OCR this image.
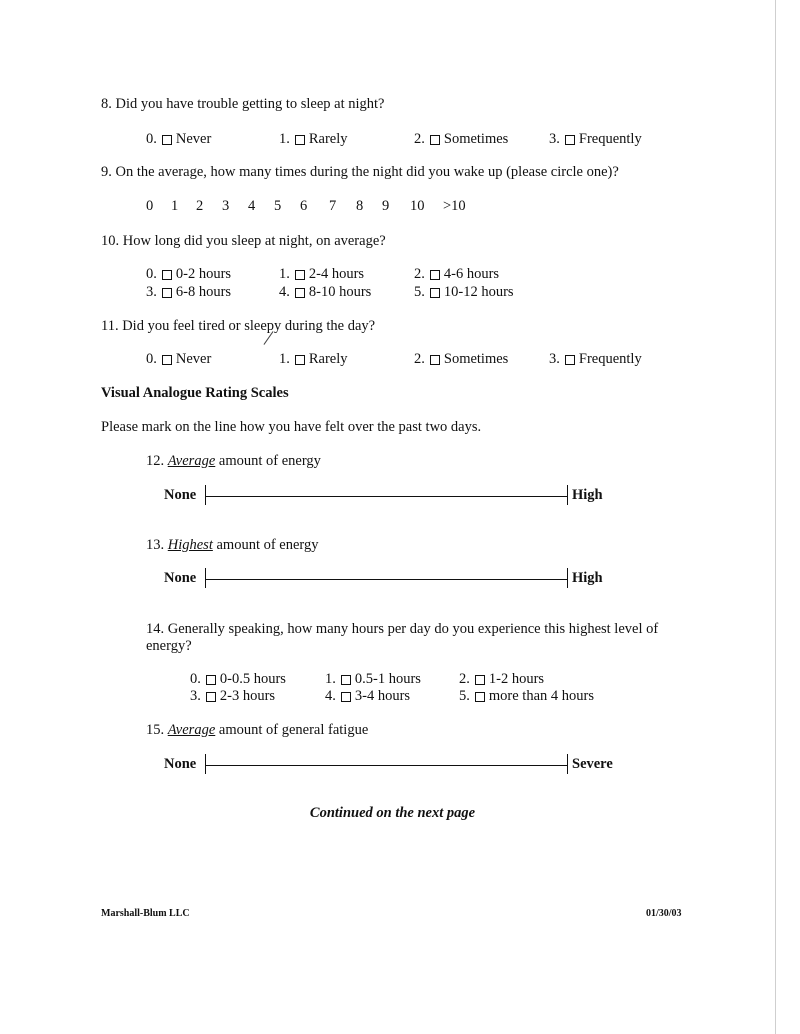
8. Did you have trouble getting to sleep at night?
0. Never	1. Rarely	2. Sometimes	3. Frequently
9. On the average, how many times during the night did you wake up (please circle one)?
0 1 2 3 4 5 6 7 8 9 10 >10
10. How long did you sleep at night, on average?
0. 0-2 hours	1. 2-4 hours	2. 4-6 hours
3. 6-8 hours	4. 8-10 hours	5. 10-12 hours
11. Did you feel tired or sleepy during the day?
0. Never	1. Rarely	2. Sometimes	3. Frequently
Visual Analogue Rating Scales
Please mark on the line how you have felt over the past two days.
12. Average amount of energy
None	High
13. Highest amount of energy
None	High
14. Generally speaking, how many hours per day do you experience this highest level of
energy?
0. 0-0.5 hours	1. 0.5-1 hours	2. 1-2 hours
3. 2-3 hours	4. 3-4 hours	5. more than 4 hours
15. Average amount of general fatigue
None	Severe
Continued on the next page
Marshall-Blum LLC	01/30/03
